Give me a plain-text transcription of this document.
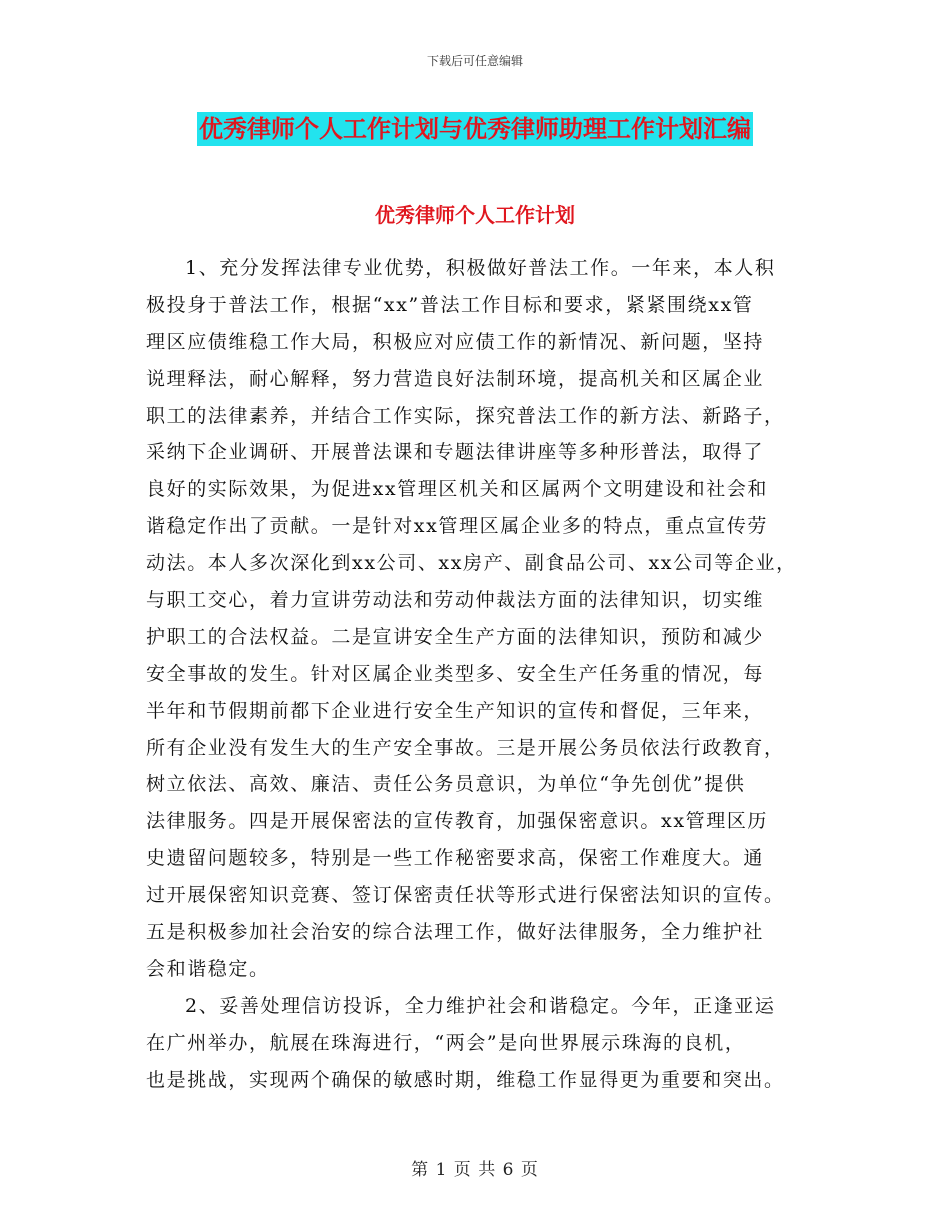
下载后可任意编辑
优秀律师个人工作计划与优秀律师助理工作计划汇编
优秀律师个人工作计划
1、充分发挥法律专业优势，积极做好普法工作。一年来，本人积
极投身于普法工作，根据“xx”普法工作目标和要求，紧紧围绕xx管
理区应债维稳工作大局，积极应对应债工作的新情况、新问题，坚持
说理释法，耐心解释，努力营造良好法制环境，提高机关和区属企业
职工的法律素养，并结合工作实际，探究普法工作的新方法、新路子，
采纳下企业调研、开展普法课和专题法律讲座等多种形普法，取得了
良好的实际效果，为促进xx管理区机关和区属两个文明建设和社会和
谐稳定作出了贡献。一是针对xx管理区属企业多的特点，重点宣传劳
动法。本人多次深化到xx公司、xx房产、副食品公司、xx公司等企业，
与职工交心，着力宣讲劳动法和劳动仲裁法方面的法律知识，切实维
护职工的合法权益。二是宣讲安全生产方面的法律知识，预防和减少
安全事故的发生。针对区属企业类型多、安全生产任务重的情况，每
半年和节假期前都下企业进行安全生产知识的宣传和督促，三年来，
所有企业没有发生大的生产安全事故。三是开展公务员依法行政教育，
树立依法、高效、廉洁、责任公务员意识，为单位“争先创优”提供
法律服务。四是开展保密法的宣传教育，加强保密意识。xx管理区历
史遗留问题较多，特别是一些工作秘密要求高，保密工作难度大。通
过开展保密知识竞赛、签订保密责任状等形式进行保密法知识的宣传。
五是积极参加社会治安的综合法理工作，做好法律服务，全力维护社
会和谐稳定。
2、妥善处理信访投诉，全力维护社会和谐稳定。今年，正逢亚运
在广州举办，航展在珠海进行，“两会”是向世界展示珠海的良机，
也是挑战，实现两个确保的敏感时期，维稳工作显得更为重要和突出。
第 1 页 共 6 页
